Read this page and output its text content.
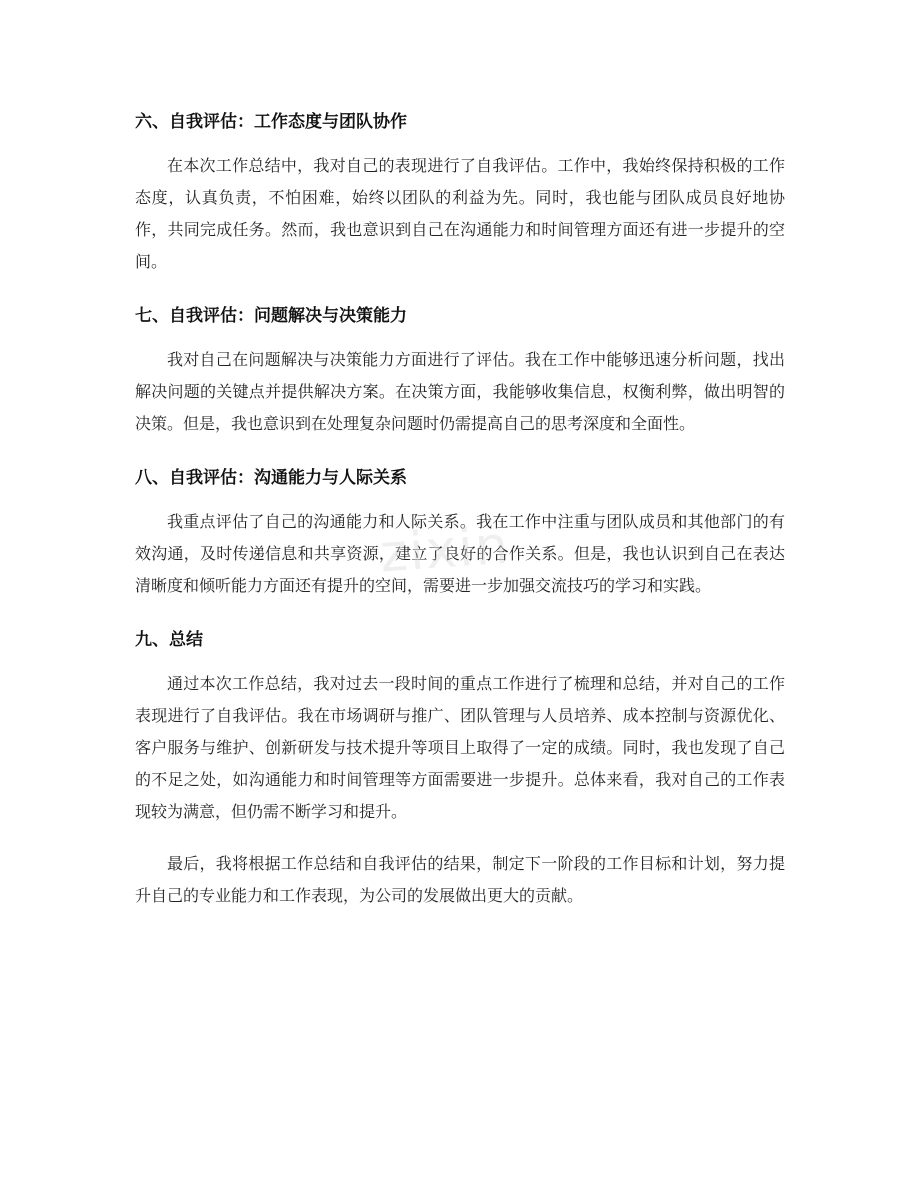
六、自我评估：工作态度与团队协作

在本次工作总结中，我对自己的表现进行了自我评估。工作中，我始终保持积极的工作态度，认真负责，不怕困难，始终以团队的利益为先。同时，我也能与团队成员良好地协作，共同完成任务。然而，我也意识到自己在沟通能力和时间管理方面还有进一步提升的空间。

七、自我评估：问题解决与决策能力

我对自己在问题解决与决策能力方面进行了评估。我在工作中能够迅速分析问题，找出解决问题的关键点并提供解决方案。在决策方面，我能够收集信息，权衡利弊，做出明智的决策。但是，我也意识到在处理复杂问题时仍需提高自己的思考深度和全面性。

八、自我评估：沟通能力与人际关系

我重点评估了自己的沟通能力和人际关系。我在工作中注重与团队成员和其他部门的有效沟通，及时传递信息和共享资源，建立了良好的合作关系。但是，我也认识到自己在表达清晰度和倾听能力方面还有提升的空间，需要进一步加强交流技巧的学习和实践。

九、总结

通过本次工作总结，我对过去一段时间的重点工作进行了梳理和总结，并对自己的工作表现进行了自我评估。我在市场调研与推广、团队管理与人员培养、成本控制与资源优化、客户服务与维护、创新研发与技术提升等项目上取得了一定的成绩。同时，我也发现了自己的不足之处，如沟通能力和时间管理等方面需要进一步提升。总体来看，我对自己的工作表现较为满意，但仍需不断学习和提升。

最后，我将根据工作总结和自我评估的结果，制定下一阶段的工作目标和计划，努力提升自己的专业能力和工作表现，为公司的发展做出更大的贡献。

zixin
